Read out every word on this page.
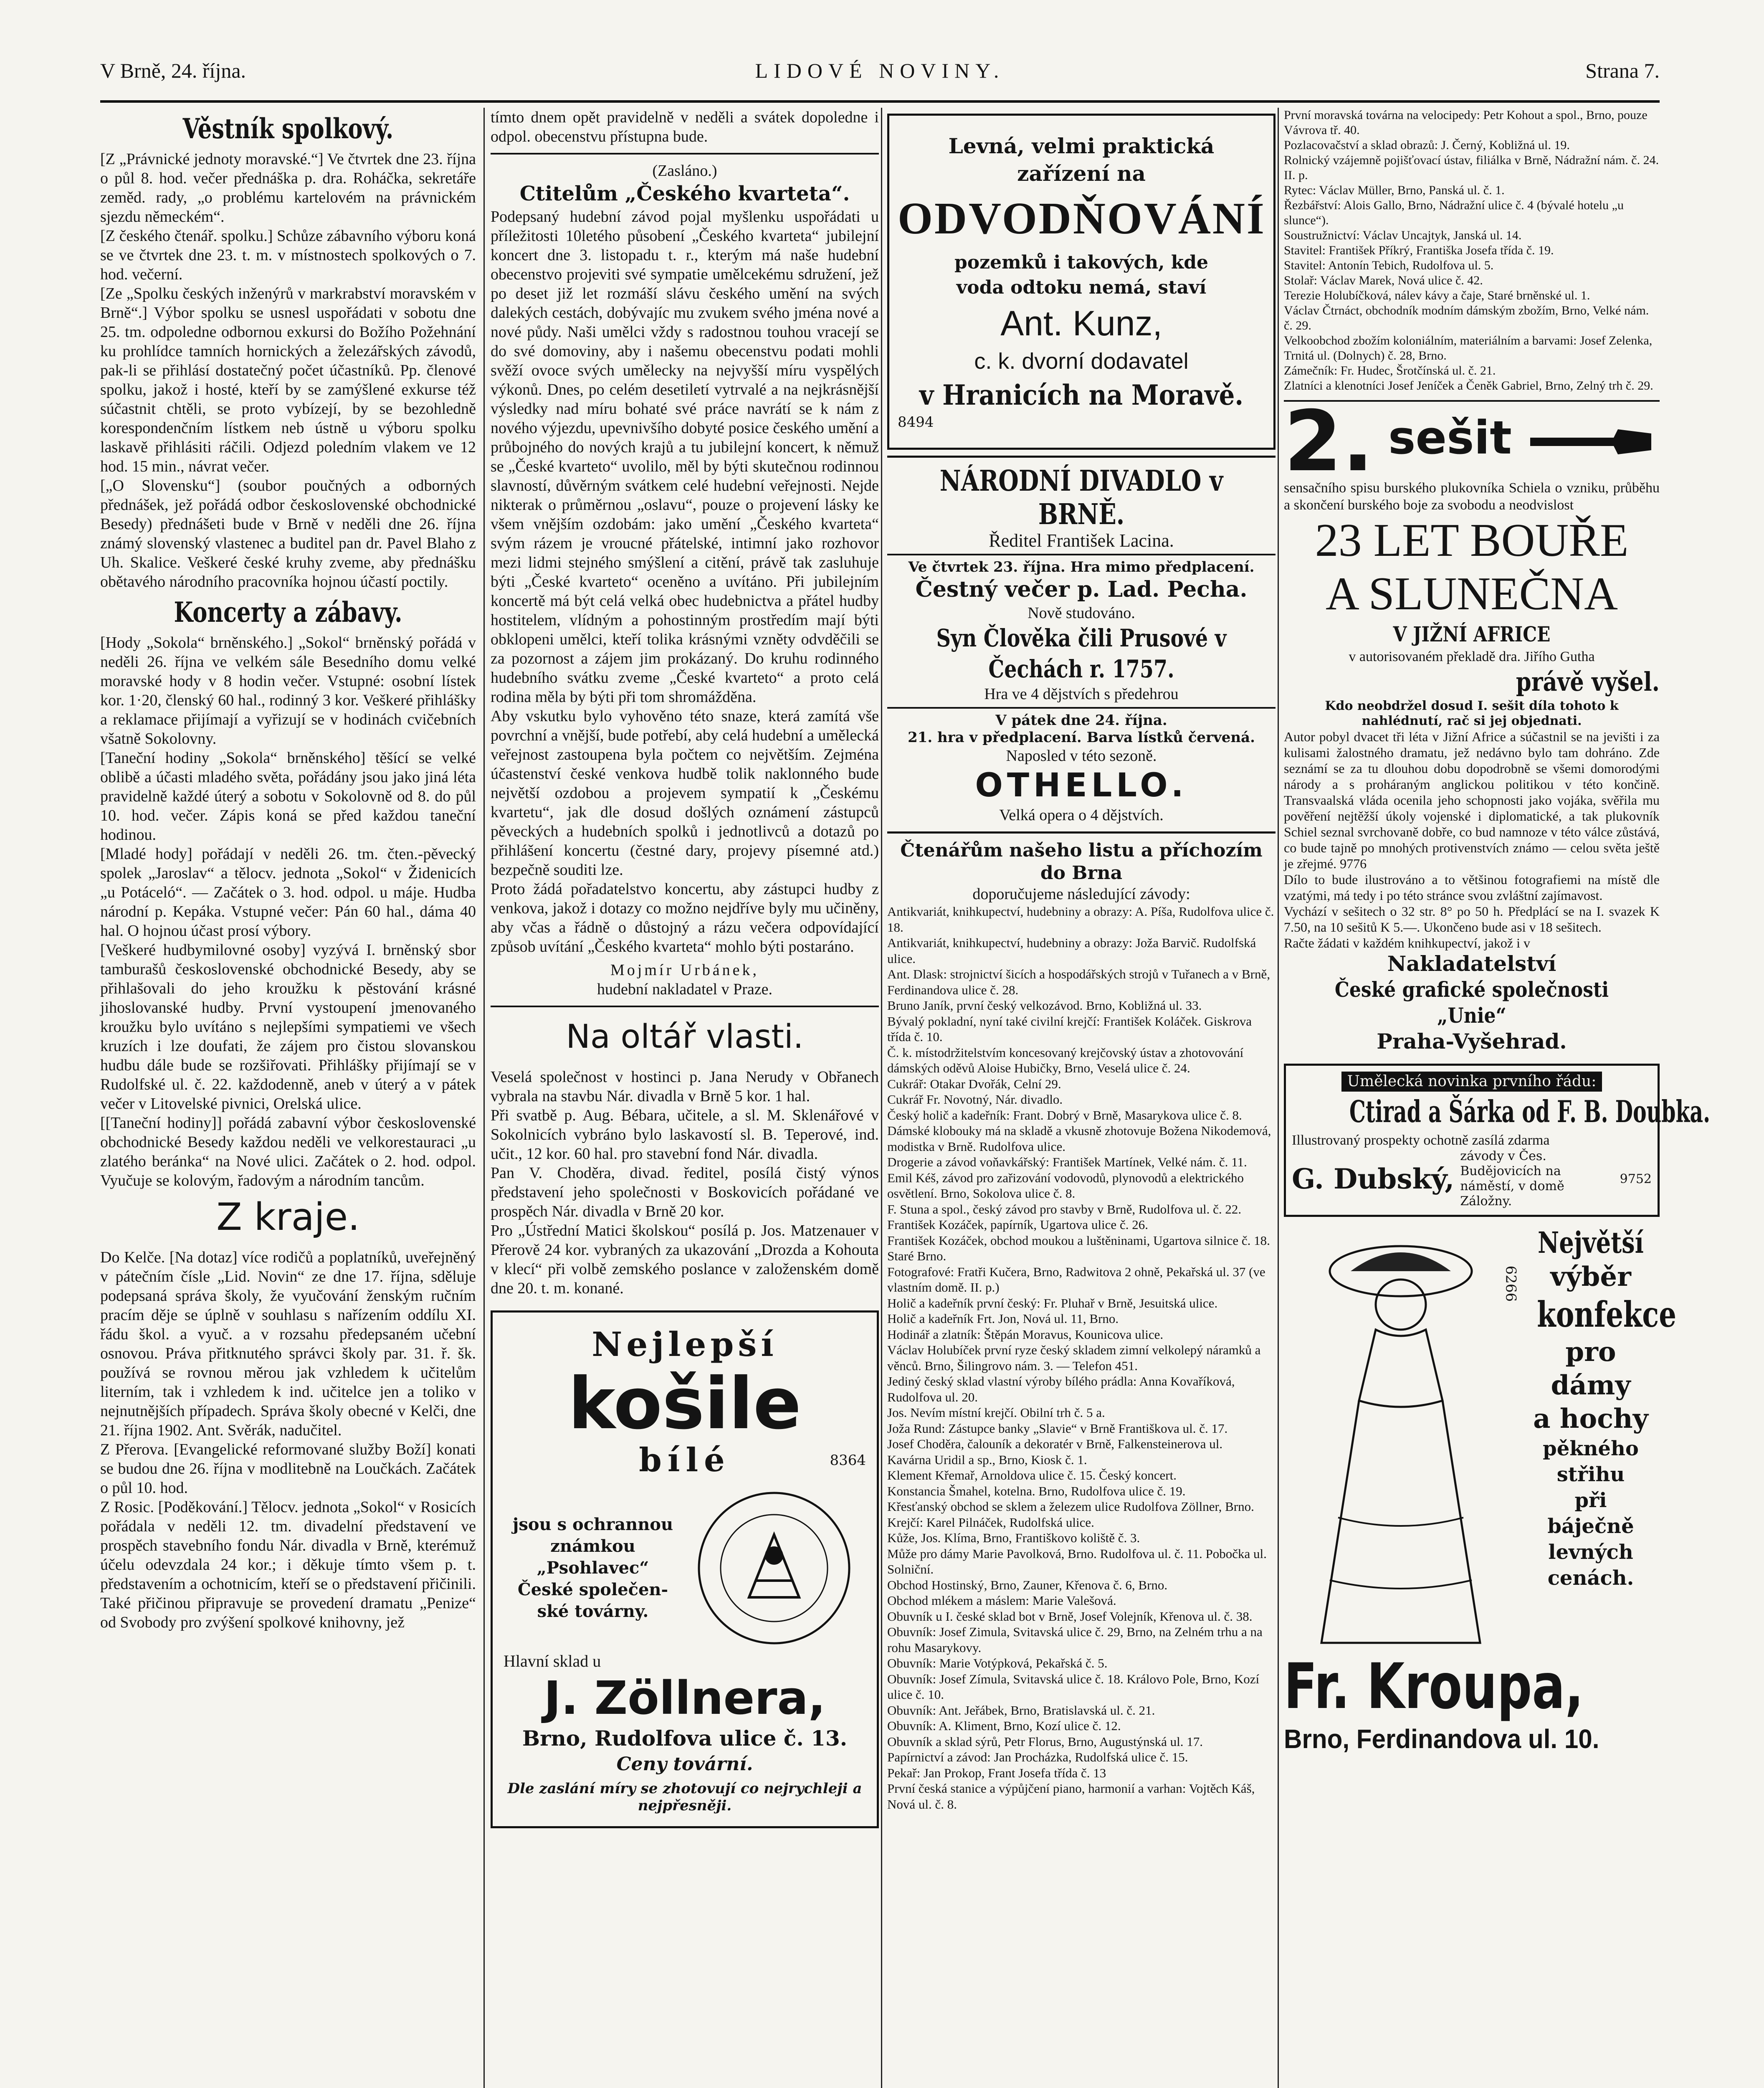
V Brně, 24. října.	LIDOVÉ NOVINY.	Strana 7.
Věstník spolkový.
[Z „Právnické jednoty moravské.“] Ve čtvrtek dne 23. října o půl 8. hod. večer přednáška p. dra. Roháčka, sekretáře zeměd. rady, „o problému kartelovém na právnickém sjezdu německém“.
[Z českého čtenář. spolku.] Schůze zábavního výboru koná se ve čtvrtek dne 23. t. m. v místnostech spolkových o 7. hod. večerní.
[Ze „Spolku českých inženýrů v markrabství moravském v Brně“.] Výbor spolku se usnesl uspořádati v sobotu dne 25. tm. odpoledne odbornou exkursi do Božího Požehnání ku prohlídce tamních hornických a železářských závodů, pak-li se přihlásí dostatečný počet účastníků. Pp. členové spolku, jakož i hosté, kteří by se zamýšlené exkurse též súčastnit chtěli, se proto vybízejí, by se bezohledně korespondenčním lístkem neb ústně u výboru spolku laskavě přihlásiti ráčili. Odjezd poledním vlakem ve 12 hod. 15 min., návrat večer.
[„O Slovensku“] (soubor poučných a odborných přednášek, jež pořádá odbor československé obchodnické Besedy) přednášeti bude v Brně v neděli dne 26. října známý slovenský vlastenec a buditel pan dr. Pavel Blaho z Uh. Skalice. Veškeré české kruhy zveme, aby přednášku obětavého národního pracovníka hojnou účastí poctily.
Koncerty a zábavy.
[Hody „Sokola“ brněnského.] „Sokol“ brněnský pořádá v neděli 26. října ve velkém sále Besedního domu velké moravské hody v 8 hodin večer. Vstupné: osobní lístek kor. 1·20, členský 60 hal., rodinný 3 kor. Veškeré přihlášky a reklamace přijímají a vyřizují se v hodinách cvičebních všatně Sokolovny.
[Taneční hodiny „Sokola“ brněnského] těšící se velké oblibě a účasti mladého světa, pořádány jsou jako jiná léta pravidelně každé úterý a sobotu v Sokolovně od 8. do půl 10. hod. večer. Zápis koná se před každou taneční hodinou.
[Mladé hody] pořádají v neděli 26. tm. čten.-pěvecký spolek „Jaroslav“ a tělocv. jednota „Sokol“ v Židenicích „u Potáceló“. — Začátek o 3. hod. odpol. u máje. Hudba národní p. Kepáka. Vstupné večer: Pán 60 hal., dáma 40 hal. O hojnou účast prosí výbory.
[Veškeré hudbymilovné osoby] vyzývá I. brněnský sbor tamburašů československé obchodnické Besedy, aby se přihlašovali do jeho kroužku k pěstování krásné jihoslovanské hudby. První vystoupení jmenovaného kroužku bylo uvítáno s nejlepšími sympatiemi ve všech kruzích i lze doufati, že zájem pro čistou slovanskou hudbu dále bude se rozšiřovati. Přihlášky přijímají se v Rudolfské ul. č. 22. každodenně, aneb v úterý a v pátek večer v Litovelské pivnici, Orelská ulice.
[[Taneční hodiny]] pořádá zabavní výbor československé obchodnické Besedy každou neděli ve velkorestauraci „u zlatého beránka“ na Nové ulici. Začátek o 2. hod. odpol. Vyučuje se kolovým, řadovým a národním tancům.
Z kraje.
Do Kelče. [Na dotaz] více rodičů a poplatníků, uveřejněný v pátečním čísle „Lid. Novin“ ze dne 17. října, sděluje podepsaná správa školy, že vyučování ženským ručním pracím děje se úplně v souhlasu s nařízením oddílu XI. řádu škol. a vyuč. a v rozsahu předepsaném učební osnovou. Práva přitknutého správci školy par. 31. ř. šk. používá se rovnou měrou jak vzhledem k učitelům literním, tak i vzhledem k ind. učitelce jen a toliko v nejnutnějších případech. Správa školy obecné v Kelči, dne 21. října 1902. Ant. Svěrák, nadučitel.
Z Přerova. [Evangelické reformované služby Boží] konati se budou dne 26. října v modlitebně na Loučkách. Začátek o půl 10. hod.
Z Rosic. [Poděkování.] Tělocv. jednota „Sokol“ v Rosicích pořádala v neděli 12. tm. divadelní představení ve prospěch stavebního fondu Nár. divadla v Brně, kterémuž účelu odevzdala 24 kor.; i děkuje tímto všem p. t. představením a ochotnicím, kteří se o představení přičinili. Také přičinou připravuje se provedení dramatu „Penize“ od Svobody pro zvýšení spolkové knihovny, jež
tímto dnem opět pravidelně v neděli a svátek dopoledne i odpol. obecenstvu přístupna bude.
(Zasláno.)
Ctitelům „Českého kvarteta“.
Podepsaný hudební závod pojal myšlenku uspořádati u příležitosti 10letého působení „Českého kvarteta“ jubilejní koncert dne 3. listopadu t. r., kterým má naše hudební obecenstvo projeviti své sympatie umělcekému sdružení, jež po deset již let rozmáší slávu českého umění na svých dalekých cestách, dobývajíc mu zvukem svého jména nové a nové půdy. Naši umělci vždy s radostnou touhou vracejí se do své domoviny, aby i našemu obecenstvu podati mohli svěží ovoce svých umělecky na nejvyšší míru vyspělých výkonů. Dnes, po celém desetiletí vytrvalé a na nejkrásnější výsledky nad míru bohaté své práce navrátí se k nám z nového výjezdu, upevnivšího dobyté posice českého umění a průbojného do nových krajů a tu jubilejní koncert, k němuž se „České kvarteto“ uvolilo, měl by býti skutečnou rodinnou slavností, důvěrným svátkem celé hudební veřejnosti. Nejde nikterak o průměrnou „oslavu“, pouze o projevení lásky ke všem vnějším ozdobám: jako umění „Českého kvarteta“ svým rázem je vroucné přátelské, intimní jako rozhovor mezi lidmi stejného smýšlení a citění, právě tak zasluhuje býti „České kvarteto“ oceněno a uvítáno. Při jubilejním koncertě má být celá velká obec hudebnictva a přátel hudby hostitelem, vlídným a pohostinným prostředím mají býti obklopeni umělci, kteří tolika krásnými vzněty odvděčili se za pozornost a zájem jim prokázaný. Do kruhu rodinného hudebního svátku zveme „České kvarteto“ a proto celá rodina měla by býti při tom shromážděna.
Aby vskutku bylo vyhověno této snaze, která zamítá vše povrchní a vnější, bude potřebí, aby celá hudební a umělecká veřejnost zastoupena byla počtem co největším. Zejména účastenství české venkova hudbě tolik naklonného bude největší ozdobou a projevem sympatií k „Českému kvartetu“, jak dle dosud došlých oznámení zástupců pěveckých a hudebních spolků i jednotlivců a dotazů po přihlášení koncertu (čestné dary, projevy písemné atd.) bezpečně souditi lze.
Proto žádá pořadatelstvo koncertu, aby zástupci hudby z venkova, jakož i dotazy co možno nejdříve byly mu učiněny, aby včas a řádně o důstojný a rázu večera odpovídající způsob uvítání „Českého kvarteta“ mohlo býti postaráno.
Mojmír Urbánek,
hudební nakladatel v Praze.
Na oltář vlasti.
Veselá společnost v hostinci p. Jana Nerudy v Obřanech vybrala na stavbu Nár. divadla v Brně 5 kor. 1 hal.
Při svatbě p. Aug. Bébara, učitele, a sl. M. Sklenářové v Sokolnicích vybráno bylo laskavostí sl. B. Teperové, ind. učit., 12 kor. 60 hal. pro stavební fond Nár. divadla.
Pan V. Choděra, divad. ředitel, posílá čistý výnos představení jeho společnosti v Boskovicích pořádané ve prospěch Nár. divadla v Brně 20 kor.
Pro „Ústřední Matici školskou“ posílá p. Jos. Matzenauer v Přerově 24 kor. vybraných za ukazování „Drozda a Kohouta v klecí“ při volbě zemského poslance v založenském domě dne 20. t. m. konané.
Nejlepší
košile
bílé	8364
jsou s ochrannou
známkou
„Psohlavec“
České společen-
ské továrny.
Hlavní sklad u
J. Zöllnera,
Brno, Rudolfova ulice č. 13.
Ceny tovární.
Dle zaslání míry se zhotovují co nejrychleji a nejpřesněji.
Levná, velmi praktická
zařízení na
ODVODŇOVÁNÍ
pozemků i takových, kde
voda odtoku nemá, staví
Ant. Kunz,
c. k. dvorní dodavatel
v Hranicích na Moravě.
8494
NÁRODNÍ DIVADLO v BRNĚ.
Ředitel František Lacina.
Ve čtvrtek 23. října. Hra mimo předplacení.
Čestný večer p. Lad. Pecha.
Nově studováno.
Syn Člověka čili Prusové v Čechách r. 1757.
Hra ve 4 dějstvích s předehrou
V pátek dne 24. října.
21. hra v předplacení. Barva lístků červená.
Naposled v této sezoně.
OTHELLO.
Velká opera o 4 dějstvích.
Čtenářům našeho listu a příchozím do Brna
doporučujeme následující závody:
Antikvariát, knihkupectví, hudebniny a obrazy: A. Píša, Rudolfova ulice č. 18.
Antikvariát, knihkupectví, hudebniny a obrazy: Joža Barvič. Rudolfská ulice.
Ant. Dlask: strojnictví šicích a hospodářských strojů v Tuřanech a v Brně, Ferdinandova ulice č. 28.
Bruno Janík, první český velkozávod. Brno, Kobližná ul. 33.
Bývalý pokladní, nyní také civilní krejčí: František Koláček. Giskrova třída č. 10.
Č. k. místodržitelstvím koncesovaný krejčovský ústav a zhotovování dámských oděvů Aloise Hubičky, Brno, Veselá ulice č. 24.
Cukrář: Otakar Dvořák, Celní 29.
Cukrář Fr. Novotný, Nár. divadlo.
Český holič a kadeřník: Frant. Dobrý v Brně, Masarykova ulice č. 8.
Dámské klobouky má na skladě a vkusně zhotovuje Božena Nikodemová, modistka v Brně. Rudolfova ulice.
Drogerie a závod voňavkářský: František Martínek, Velké nám. č. 11.
Emil Kéš, závod pro zařizování vodovodů, plynovodů a elektrického osvětlení. Brno, Sokolova ulice č. 8.
F. Stuna a spol., český závod pro stavby v Brně, Rudolfova ul. č. 22.
František Kozáček, papírník, Ugartova ulice č. 26.
František Kozáček, obchod moukou a luštěninami, Ugartova silnice č. 18. Staré Brno.
Fotografové: Fratři Kučera, Brno, Radwitova 2 ohně, Pekařská ul. 37 (ve vlastním domě. II. p.)
Holič a kadeřník první český: Fr. Pluhař v Brně, Jesuitská ulice.
Holič a kadeřník Frt. Jon, Nová ul. 11, Brno.
Hodinář a zlatník: Štěpán Moravus, Kounicova ulice.
Václav Holubíček první ryze český skladem zimní velkolepý náramků a věnců. Brno, Šilingrovo nám. 3. — Telefon 451.
Jediný český sklad vlastní výroby bílého prádla: Anna Kovaříková, Rudolfova ul. 20.
Jos. Nevím místní krejčí. Obilní trh č. 5 a.
Joža Rund: Zástupce banky „Slavie“ v Brně Františkova ul. č. 17.
Josef Choděra, čalouník a dekoratér v Brně, Falkensteinerova ul.
Kavárna Uridil a sp., Brno, Kiosk č. 1.
Klement Křemař, Arnoldova ulice č. 15. Český koncert.
Konstancia Šmahel, kotelna. Brno, Rudolfova ulice č. 19.
Křesťanský obchod se sklem a železem ulice Rudolfova Zöllner, Brno.
Krejčí: Karel Pilnáček, Rudolfská ulice.
Kůže, Jos. Klíma, Brno, Františkovo koliště č. 3.
Může pro dámy Marie Pavolková, Brno. Rudolfova ul. č. 11. Pobočka ul. Solniční.
Obchod Hostinský, Brno, Zauner, Křenova č. 6, Brno.
Obchod mlékem a máslem: Marie Valešová.
Obuvník u I. české sklad bot v Brně, Josef Volejník, Křenova ul. č. 38.
Obuvník: Josef Zimula, Svitavská ulice č. 29, Brno, na Zelném trhu a na rohu Masarykovy.
Obuvník: Marie Votýpková, Pekařská č. 5.
Obuvník: Josef Zímula, Svitavská ulice č. 18. Královo Pole, Brno, Kozí ulice č. 10.
Obuvník: Ant. Jeřábek, Brno, Bratislavská ul. č. 21.
Obuvník: A. Kliment, Brno, Kozí ulice č. 12.
Obuvník a sklad sýrů, Petr Florus, Brno, Augustýnská ul. 17.
Papírnictví a závod: Jan Procházka, Rudolfská ulice č. 15.
Pekař: Jan Prokop, Frant Josefa třída č. 13
První česká stanice a výpůjčení piano, harmonií a varhan: Vojtěch Káš, Nová ul. č. 8.
První moravská továrna na velocipedy: Petr Kohout a spol., Brno, pouze Vávrova tř. 40.
Pozlacovačství a sklad obrazů: J. Černý, Kobližná ul. 19.
Rolnický vzájemně pojišťovací ústav, filiálka v Brně, Nádražní nám. č. 24. II. p.
Rytec: Václav Müller, Brno, Panská ul. č. 1.
Řezbářství: Alois Gallo, Brno, Nádražní ulice č. 4 (bývalé hotelu „u slunce“).
Soustružnictví: Václav Uncajtyk, Janská ul. 14.
Stavitel: František Příkrý, Františka Josefa třída č. 19.
Stavitel: Antonín Tebich, Rudolfova ul. 5.
Stolař: Václav Marek, Nová ulice č. 42.
Terezie Holubíčková, nálev kávy a čaje, Staré brněnské ul. 1.
Václav Čtrnáct, obchodník modním dámským zbožím, Brno, Velké nám. č. 29.
Velkoobchod zbožím koloniálním, materiálním a barvami: Josef Zelenka, Trnitá ul. (Dolnych) č. 28, Brno.
Zámečník: Fr. Hudec, Šrotčínská ul. č. 21.
Zlatníci a klenotníci Josef Jeníček a Čeněk Gabriel, Brno, Zelný trh č. 29.
2. sešit
sensačního spisu burského plukovníka Schiela o vzniku, průběhu a skončení burského boje za svobodu a neodvislost
23 LET BOUŘE
A SLUNEČNA
V JIŽNÍ AFRICE
v autorisovaném překladě dra. Jiřího Gutha
právě vyšel.
Kdo neobdržel dosud I. sešit díla tohoto k nahlédnutí, rač si jej objednati.
Autor pobyl dvacet tři léta v Jižní Africe a súčastnil se na jevišti i za kulisami žalostného dramatu, jež nedávno bylo tam dohráno. Zde seznámí se za tu dlouhou dobu dopodrobně se všemi domorodými národy a s proháraným anglickou politikou v této končině. Transvaalská vláda ocenila jeho schopnosti jako vojáka, svěřila mu pověření nejtěžší úkoly vojenské i diplomatické, a tak plukovník Schiel seznal svrchovaně dobře, co bud namnoze v této válce zůstává, co bude tajně po mnohých protivenstvích známo — celou světa ještě je zřejmé. 9776
Dílo to bude ilustrováno a to většinou fotografiemi na místě dle vzatými, má tedy i po této stránce svou zvláštní zajímavost.
Vychází v sešitech o 32 str. 8° po 50 h. Předplácí se na I. svazek K 7.50, na 10 sešitů K 5.—. Ukončeno bude asi v 18 sešitech.
Račte žádati v každém knihkupectví, jakož i v
Nakladatelství
České grafické společnosti „Unie“
Praha-Vyšehrad.
Umělecká novinka prvního řádu:
Ctirad a Šárka od F. B. Doubka.
Illustrovaný prospekty ochotně zasílá zdarma
G. Dubský,
závody v Čes. Budějovicích na náměstí, v domě Záložny.
9752
Největší
výběr
konfekce
pro dámy
a hochy
pěkného
střihu
při
báječně
levných
cenách.
6266
Fr. Kroupa,
Brno, Ferdinandova ul. 10.
